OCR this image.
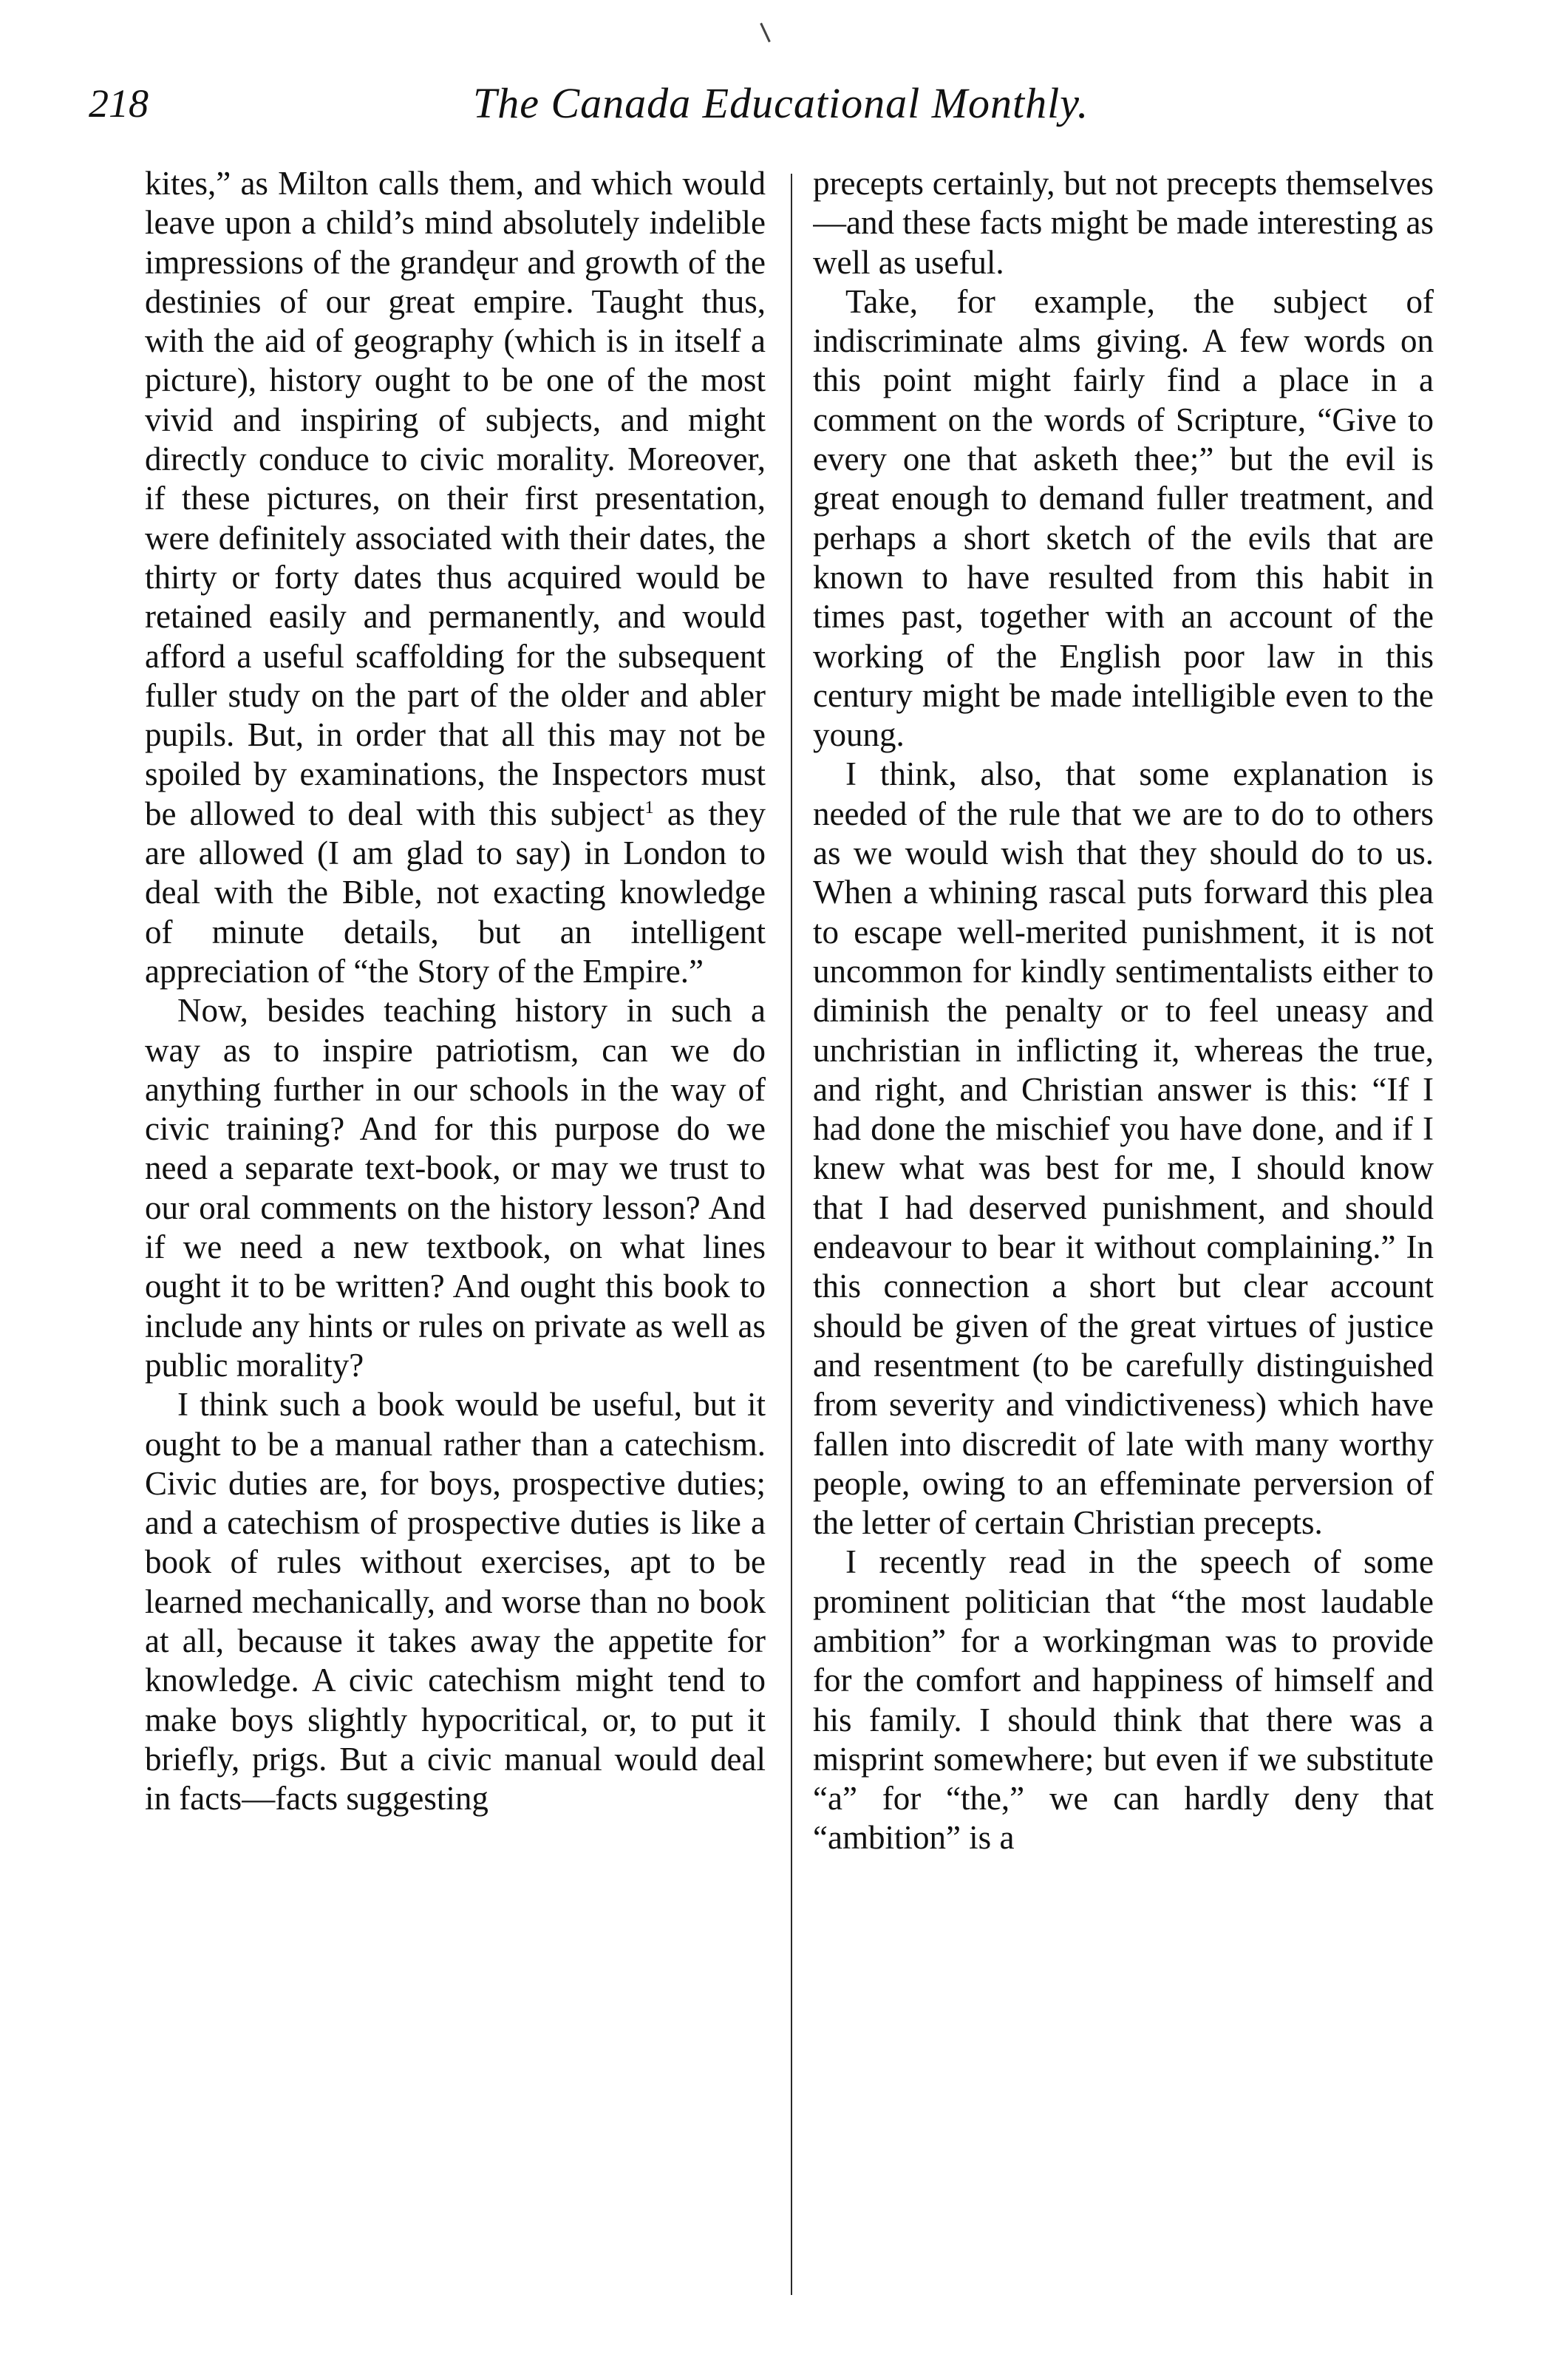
218	The Canada Educational Monthly.

kites,” as Milton calls them, and which would leave upon a child’s mind absolutely indelible impressions of the grandęur and growth of the destinies of our great empire. Taught thus, with the aid of geography (which is in itself a picture), history ought to be one of the most vivid and inspiring of subjects, and might directly conduce to civic morality. Moreover, if these pictures, on their first presentation, were definitely associated with their dates, the thirty or forty dates thus acquired would be retained easily and permanently, and would afford a useful scaffolding for the subsequent fuller study on the part of the older and abler pupils. But, in order that all this may not be spoiled by examinations, the Inspectors must be allowed to deal with this subject$^1$ as they are allowed (I am glad to say) in London to deal with the Bible, not exacting knowledge of minute details, but an intelligent appreciation of “the Story of the Empire.”

Now, besides teaching history in such a way as to inspire patriotism, can we do anything further in our schools in the way of civic training? And for this purpose do we need a separate text-book, or may we trust to our oral comments on the history lesson? And if we need a new textbook, on what lines ought it to be written? And ought this book to include any hints or rules on private as well as public morality?

I think such a book would be useful, but it ought to be a manual rather than a catechism. Civic duties are, for boys, prospective duties; and a catechism of prospective duties is like a book of rules without exercises, apt to be learned mechanically, and worse than no book at all, because it takes away the appetite for knowledge. A civic catechism might tend to make boys slightly hypocritical, or, to put it briefly, prigs. But a civic manual would deal in facts—facts suggesting

precepts certainly, but not precepts themselves—and these facts might be made interesting as well as useful.

Take, for example, the subject of indiscriminate alms giving. A few words on this point might fairly find a place in a comment on the words of Scripture, “Give to every one that asketh thee;” but the evil is great enough to demand fuller treatment, and perhaps a short sketch of the evils that are known to have resulted from this habit in times past, together with an account of the working of the English poor law in this century might be made intelligible even to the young.

I think, also, that some explanation is needed of the rule that we are to do to others as we would wish that they should do to us. When a whining rascal puts forward this plea to escape well-merited punishment, it is not uncommon for kindly sentimentalists either to diminish the penalty or to feel uneasy and unchristian in inflicting it, whereas the true, and right, and Christian answer is this: “If I had done the mischief you have done, and if I knew what was best for me, I should know that I had deserved punishment, and should endeavour to bear it without complaining.” In this connection a short but clear account should be given of the great virtues of justice and resentment (to be carefully distinguished from severity and vindictiveness) which have fallen into discredit of late with many worthy people, owing to an effeminate perversion of the letter of certain Christian precepts.

I recently read in the speech of some prominent politician that “the most laudable ambition” for a workingman was to provide for the comfort and happiness of himself and his family. I should think that there was a misprint somewhere; but even if we substitute “a” for “the,” we can hardly deny that “ambition” is a
